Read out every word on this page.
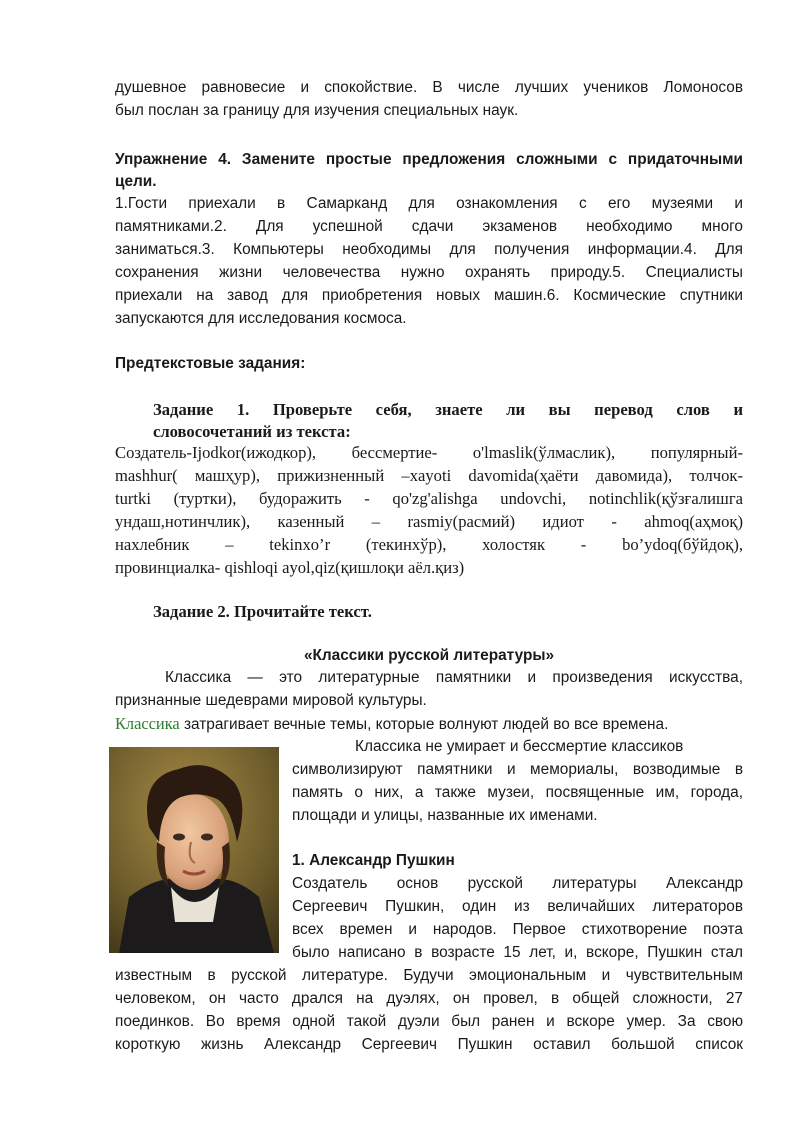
душевное равновесие и спокойствие. В числе лучших учеников Ломоносов
был послан за границу для изучения специальных наук.
Упражнение 4. Замените простые предложения сложными с придаточными
цели.
1.Гости приехали в Самарканд для ознакомления с его музеями и
памятниками.2. Для успешной сдачи экзаменов необходимо много
заниматься.3. Компьютеры необходимы для получения информации.4. Для
сохранения жизни человечества нужно охранять природу.5. Специалисты
приехали на завод для приобретения новых машин.6. Космические спутники
запускаются для исследования космоса.
Предтекстовые задания:
Задание 1. Проверьте себя, знаете ли вы перевод слов и
словосочетаний из текста:
Создатель-Ijodkor(ижодкор), бессмертие- o'lmaslik(ўлмаслик), популярный-
mashhur( машҳур), прижизненный –xayoti davomida(ҳаёти давомида), толчок-
turtki (туртки), будоражить - qo'zg'alishga undovchi, notinchlik(қўзғалишга
ундаш,нотинчлик), казенный – rasmiy(расмий) идиот - ahmoq(аҳмоқ)
нахлебник – tekinxo’r (текинхўр), холостяк - bo’ydoq(бўйдоқ),
провинциалка- qishloqi ayol,qiz(қишлоқи аёл.қиз)
Задание 2. Прочитайте текст.
«Классики русской литературы»
Классика — это литературные памятники и произведения искусства,
признанные шедеврами мировой культуры.
Классика затрагивает вечные темы, которые волнуют людей во все времена.
Классика не умирает и бессмертие классиков
символизируют памятники и мемориалы, возводимые в
память о них, а также музеи, посвященные им, города,
площади и улицы, названные их именами.
1. Александр Пушкин
Создатель основ русской литературы Александр
Сергеевич Пушкин, один из величайших литераторов
всех времен и народов. Первое стихотворение поэта
было написано в возрасте 15 лет, и, вскоре, Пушкин стал
известным в русской литературе. Будучи эмоциональным и чувствительным
человеком, он часто дрался на дуэлях, он провел, в общей сложности, 27
поединков. Во время одной такой дуэли был ранен и вскоре умер. За свою
короткую жизнь Александр Сергеевич Пушкин оставил большой список
